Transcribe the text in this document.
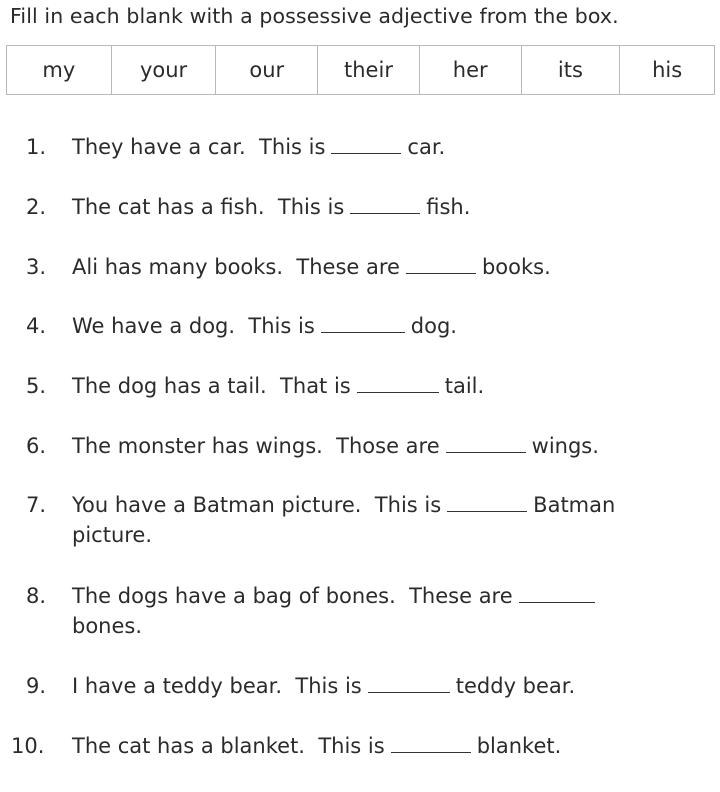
Fill in each blank with a possessive adjective from the box.
my	your	our	their	her	its	his
1. They have a car.  This is	car.
2. The cat has a fish.  This is	fish.
3. Ali has many books.  These are	books.
4. We have a dog.  This is	dog.
5. The dog has a tail.  That is	tail.
6. The monster has wings.  Those are	wings.
7. You have a Batman picture.  This is	Batman
picture.
8. The dogs have a bag of bones.  These are
bones.
9. I have a teddy bear.  This is	teddy bear.
10. The cat has a blanket.  This is	blanket.
